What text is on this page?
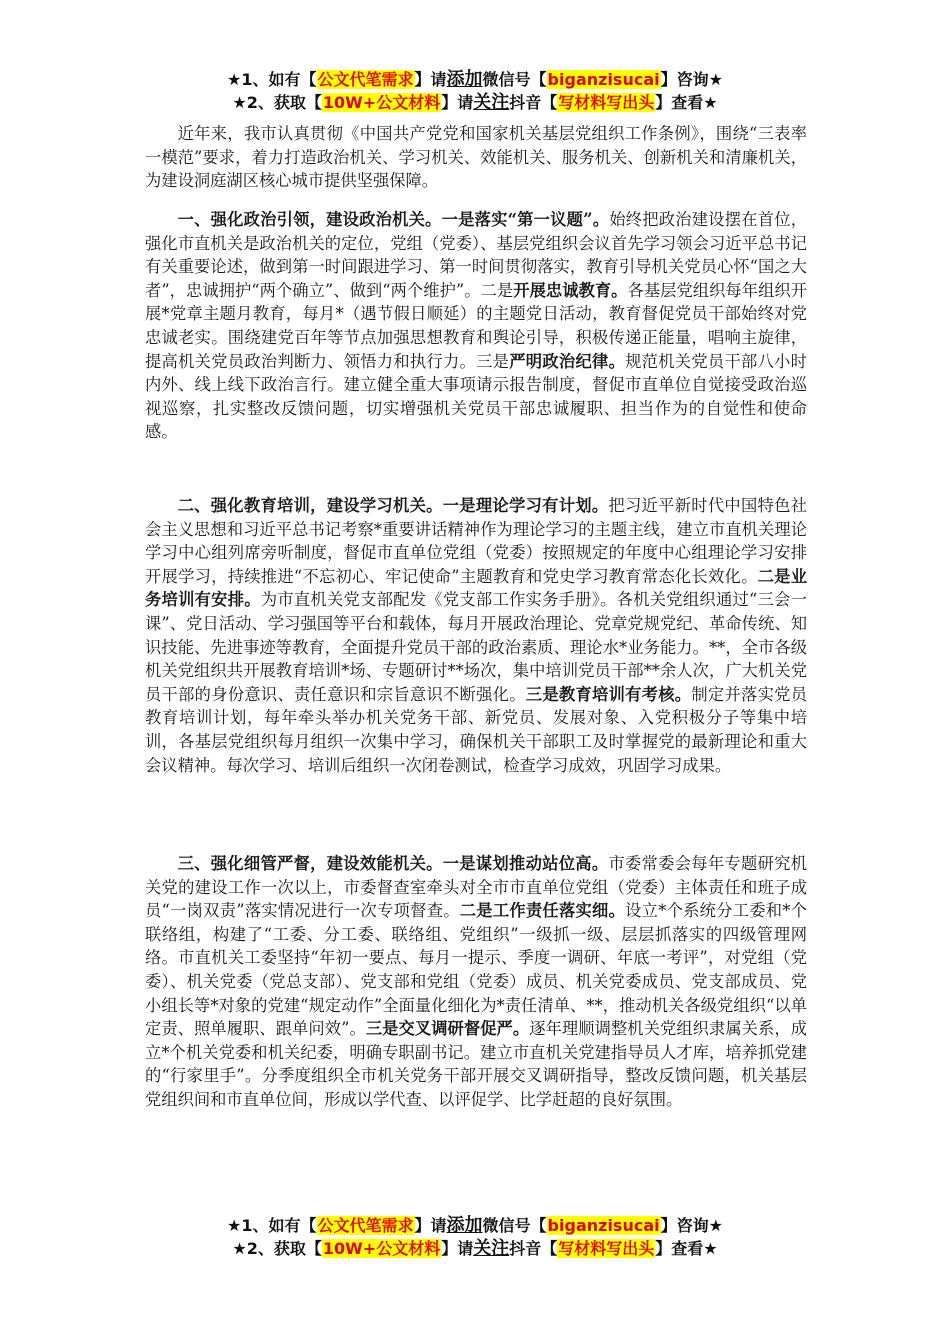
★1、如有【公文代笔需求】请添加微信号【biganzisucai】咨询★
★2、获取【10W+公文材料】请关注抖音【写材料写出头】查看★

近年来，我市认真贯彻《中国共产党党和国家机关基层党组织工作条例》，围绕“三表率一模范”要求，着力打造政治机关、学习机关、效能机关、服务机关、创新机关和清廉机关，为建设洞庭湖区核心城市提供坚强保障。

一、强化政治引领，建设政治机关。一是落实“第一议题”。始终把政治建设摆在首位，强化市直机关是政治机关的定位，党组（党委）、基层党组织会议首先学习领会习近平总书记有关重要论述，做到第一时间跟进学习、第一时间贯彻落实，教育引导机关党员心怀“国之大者”，忠诚拥护“两个确立”、做到“两个维护”。二是开展忠诚教育。各基层党组织每年组织开展*党章主题月教育，每月*（遇节假日顺延）的主题党日活动，教育督促党员干部始终对党忠诚老实。围绕建党百年等节点加强思想教育和舆论引导，积极传递正能量，唱响主旋律，提高机关党员政治判断力、领悟力和执行力。三是严明政治纪律。规范机关党员干部八小时内外、线上线下政治言行。建立健全重大事项请示报告制度，督促市直单位自觉接受政治巡视巡察，扎实整改反馈问题，切实增强机关党员干部忠诚履职、担当作为的自觉性和使命感。

二、强化教育培训，建设学习机关。一是理论学习有计划。把习近平新时代中国特色社会主义思想和习近平总书记考察*重要讲话精神作为理论学习的主题主线，建立市直机关理论学习中心组列席旁听制度，督促市直单位党组（党委）按照规定的年度中心组理论学习安排开展学习，持续推进“不忘初心、牢记使命”主题教育和党史学习教育常态化长效化。二是业务培训有安排。为市直机关党支部配发《党支部工作实务手册》。各机关党组织通过“三会一课”、党日活动、学习强国等平台和载体，每月开展政治理论、党章党规党纪、革命传统、知识技能、先进事迹等教育，全面提升党员干部的政治素质、理论水*业务能力。**，全市各级机关党组织共开展教育培训*场、专题研讨**场次，集中培训党员干部**余人次，广大机关党员干部的身份意识、责任意识和宗旨意识不断强化。三是教育培训有考核。制定并落实党员教育培训计划，每年牵头举办机关党务干部、新党员、发展对象、入党积极分子等集中培训，各基层党组织每月组织一次集中学习，确保机关干部职工及时掌握党的最新理论和重大会议精神。每次学习、培训后组织一次闭卷测试，检查学习成效，巩固学习成果。

三、强化细管严督，建设效能机关。一是谋划推动站位高。市委常委会每年专题研究机关党的建设工作一次以上，市委督查室牵头对全市市直单位党组（党委）主体责任和班子成员“一岗双责”落实情况进行一次专项督查。二是工作责任落实细。设立*个系统分工委和*个联络组，构建了“工委、分工委、联络组、党组织”一级抓一级、层层抓落实的四级管理网络。市直机关工委坚持“年初一要点、每月一提示、季度一调研、年底一考评”，对党组（党委）、机关党委（党总支部）、党支部和党组（党委）成员、机关党委成员、党支部成员、党小组长等*对象的党建“规定动作”全面量化细化为*责任清单、**，推动机关各级党组织“以单定责、照单履职、跟单问效”。三是交叉调研督促严。逐年理顺调整机关党组织隶属关系，成立*个机关党委和机关纪委，明确专职副书记。建立市直机关党建指导员人才库，培养抓党建的“行家里手”。分季度组织全市机关党务干部开展交叉调研指导，整改反馈问题，机关基层党组织间和市直单位间，形成以学代查、以评促学、比学赶超的良好氛围。

★1、如有【公文代笔需求】请添加微信号【biganzisucai】咨询★
★2、获取【10W+公文材料】请关注抖音【写材料写出头】查看★
